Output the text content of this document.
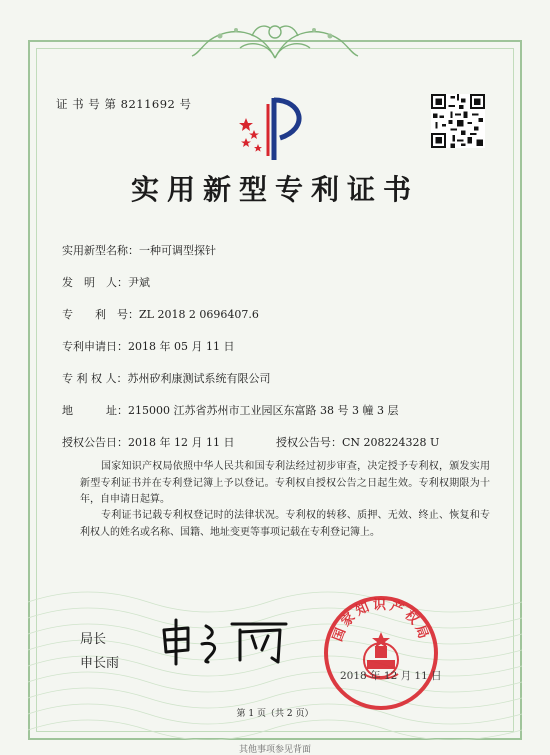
证 书 号 第 8211692 号
实用新型专利证书
实用新型名称：一种可调型探针
发　明　人：尹斌
专　　利　号：ZL 2018 2 0696407.6
专利申请日：2018 年 05 月 11 日
专 利 权 人：苏州矽利康测试系统有限公司
地　　　址：215000 江苏省苏州市工业园区东富路 38 号 3 幢 3 层
授权公告日：2018 年 12 月 11 日	授权公告号：CN 208224328 U
国家知识产权局依照中华人民共和国专利法经过初步审查，决定授予专利权，颁发实用新型专利证书并在专利登记簿上予以登记。专利权自授权公告之日起生效。专利权期限为十年，自申请日起算。
专利证书记载专利权登记时的法律状况。专利权的转移、质押、无效、终止、恢复和专利权人的姓名或名称、国籍、地址变更等事项记载在专利登记簿上。
局长
申长雨
国家知识产权局
2018 年 12 月 11 日
第 1 页（共 2 页）
其他事项参见背面
